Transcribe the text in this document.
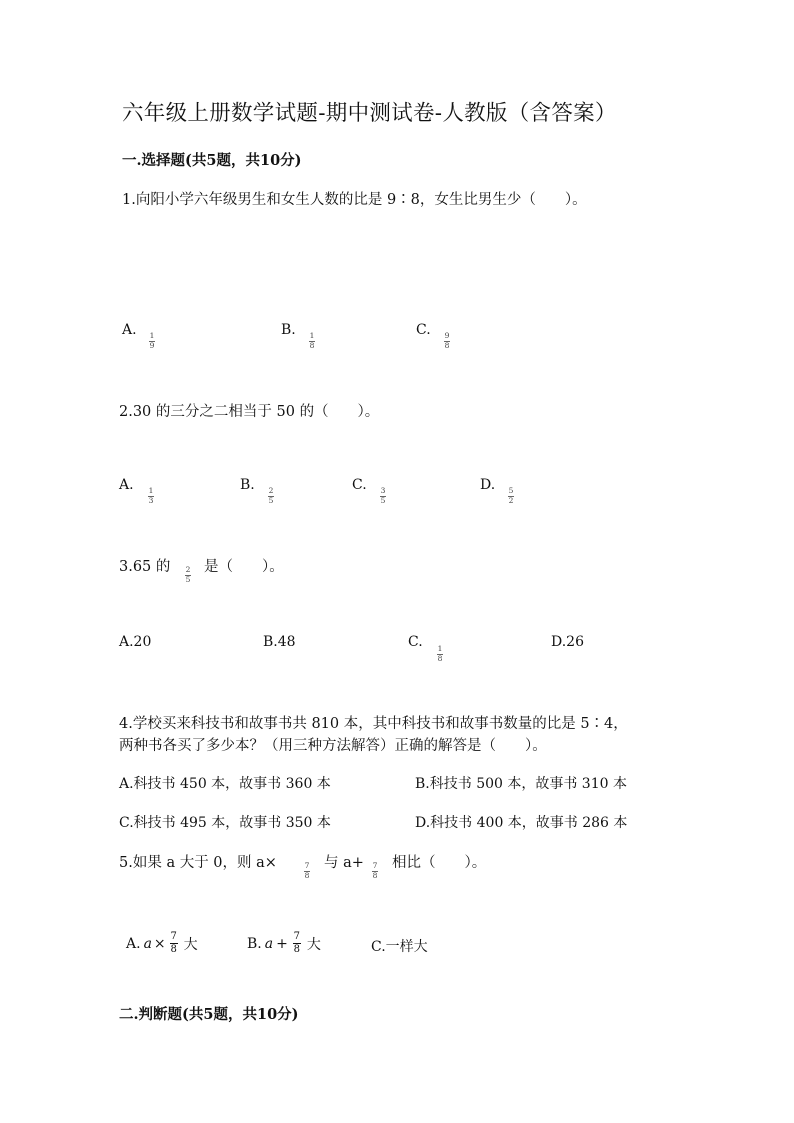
六年级上册数学试题-期中测试卷-人教版（含答案）
一.选择题(共5题，共10分)
1.向阳小学六年级男生和女生人数的比是 9∶8，女生比男生少（　　）。
A. 1
9
B. 1
8
C. 9
8
2.30 的三分之二相当于 50 的（　　）。
A. 1
3
B. 2
5
C. 3
5
D. 5
2
3.65 的 2
5
是（　　）。
A.20	B.48	C. 1
8
D.26
4.学校买来科技书和故事书共 810 本，其中科技书和故事书数量的比是 5∶4，
两种书各买了多少本？（用三种方法解答）正确的解答是（　　）。
A.科技书 450 本，故事书 360 本	B.科技书 500 本，故事书 310 本
C.科技书 495 本，故事书 350 本	D.科技书 400 本，故事书 286 本
5.如果 a 大于 0，则 a×	7
8
与 a+ 7
8
相比（　　）。
A. a × 7
8 大	B. a + 7
8 大	C.一样大
二.判断题(共5题，共10分)
